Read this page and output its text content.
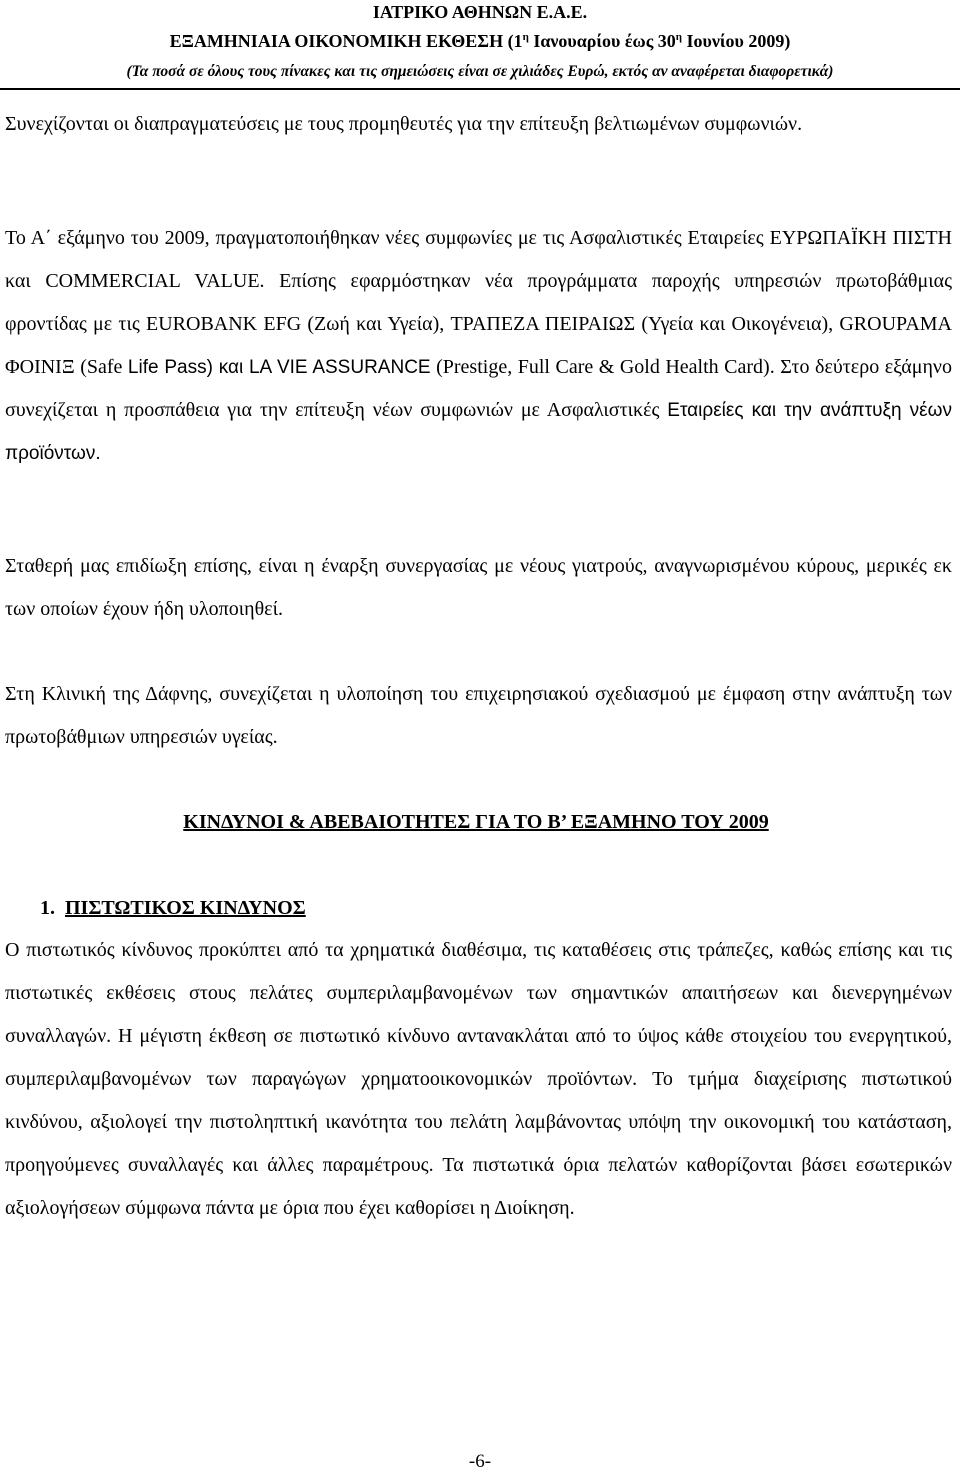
ΙΑΤΡΙΚΟ ΑΘΗΝΩΝ Ε.Α.Ε.
ΕΞΑΜΗΝΙΑΙΑ ΟΙΚΟΝΟΜΙΚΗ ΕΚΘΕΣΗ ($1^\eta$ Ιανουαρίου έως $30^\eta$ Ιουνίου 2009)
(Τα ποσά σε όλους τους πίνακες και τις σημειώσεις είναι σε χιλιάδες Ευρώ, εκτός αν αναφέρεται διαφορετικά)
Συνεχίζονται οι διαπραγματεύσεις με τους προμηθευτές για την επίτευξη βελτιωμένων συμφωνιών.
Το Α΄ εξάμηνο του 2009, πραγματοποιήθηκαν νέες συμφωνίες με τις Ασφαλιστικές Εταιρείες ΕΥΡΩΠΑΪΚΗ ΠΙΣΤΗ και COMMERCIAL VALUE. Επίσης εφαρμόστηκαν νέα προγράμματα παροχής υπηρεσιών πρωτοβάθμιας φροντίδας με τις EUROBANK EFG (Ζωή και Υγεία), ΤΡΑΠΕΖΑ ΠΕΙΡΑΙΩΣ (Υγεία και Οικογένεια), GROUPAMA ΦΟΙΝΙΞ (Safe Life Pass) και LA VIE ASSURANCE (Prestige, Full Care & Gold Health Card). Στο δεύτερο εξάμηνο συνεχίζεται η προσπάθεια για την επίτευξη νέων συμφωνιών με Ασφαλιστικές Εταιρείες και την ανάπτυξη νέων προϊόντων.
Σταθερή μας επιδίωξη επίσης, είναι η έναρξη συνεργασίας με νέους γιατρούς, αναγνωρισμένου κύρους, μερικές εκ των οποίων έχουν ήδη υλοποιηθεί.
Στη Κλινική της Δάφνης, συνεχίζεται η υλοποίηση του επιχειρησιακού σχεδιασμού με έμφαση στην ανάπτυξη των πρωτοβάθμιων υπηρεσιών υγείας.
ΚΙΝΔΥΝΟΙ & ΑΒΕΒΑΙΟΤΗΤΕΣ ΓΙΑ ΤΟ Β’ ΕΞΑΜΗΝΟ ΤΟΥ 2009
1. ΠΙΣΤΩΤΙΚΟΣ ΚΙΝΔΥΝΟΣ
Ο πιστωτικός κίνδυνος προκύπτει από τα χρηματικά διαθέσιμα, τις καταθέσεις στις τράπεζες, καθώς επίσης και τις πιστωτικές εκθέσεις στους πελάτες συμπεριλαμβανομένων των σημαντικών απαιτήσεων και διενεργημένων συναλλαγών. Η μέγιστη έκθεση σε πιστωτικό κίνδυνο αντανακλάται από το ύψος κάθε στοιχείου του ενεργητικού, συμπεριλαμβανομένων των παραγώγων χρηματοοικονομικών προϊόντων. Το τμήμα διαχείρισης πιστωτικού κινδύνου, αξιολογεί την πιστοληπτική ικανότητα του πελάτη λαμβάνοντας υπόψη την οικονομική του κατάσταση, προηγούμενες συναλλαγές και άλλες παραμέτρους. Τα πιστωτικά όρια πελατών καθορίζονται βάσει εσωτερικών αξιολογήσεων σύμφωνα πάντα με όρια που έχει καθορίσει η Διοίκηση.
-6-
